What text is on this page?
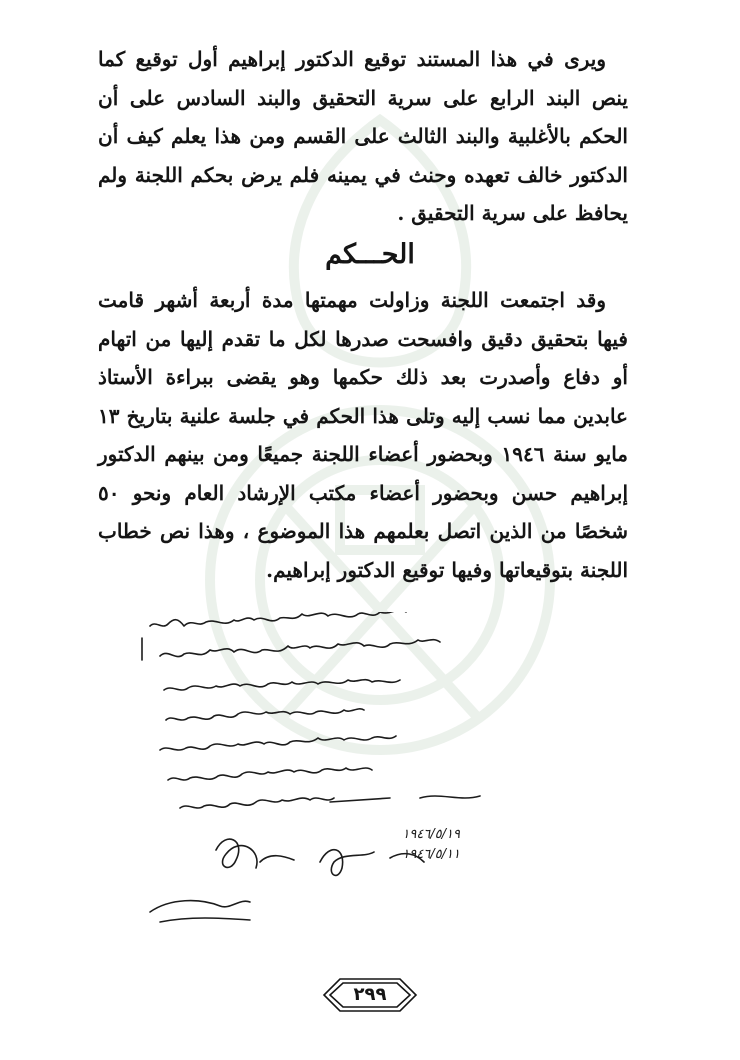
ويرى في هذا المستند توقيع الدكتور إبراهيم أول توقيع كما ينص البند الرابع على سرية التحقيق والبند السادس على أن الحكم بالأغلبية والبند الثالث على القسم ومن هذا يعلم كيف أن الدكتور خالف تعهده وحنث في يمينه فلم يرض بحكم اللجنة ولم يحافظ على سرية التحقيق .

الحـــكم

وقد اجتمعت اللجنة وزاولت مهمتها مدة أربعة أشهر قامت فيها بتحقيق دقيق وافسحت صدرها لكل ما تقدم إليها من اتهام أو دفاع وأصدرت بعد ذلك حكمها وهو يقضى ببراءة الأستاذ عابدين مما نسب إليه وتلى هذا الحكم في جلسة علنية بتاريخ ١٣ مايو سنة ١٩٤٦ وبحضور أعضاء اللجنة جميعًا ومن بينهم الدكتور إبراهيم حسن وبحضور أعضاء مكتب الإرشاد العام ونحو ٥٠ شخصًا من الذين اتصل بعلمهم هذا الموضوع ، وهذا نص خطاب اللجنة بتوقيعاتها وفيها توقيع الدكتور إبراهيم.

١٩٤٦/٥/١٩
١٩٤٦/٥/١١
٢٩٩
